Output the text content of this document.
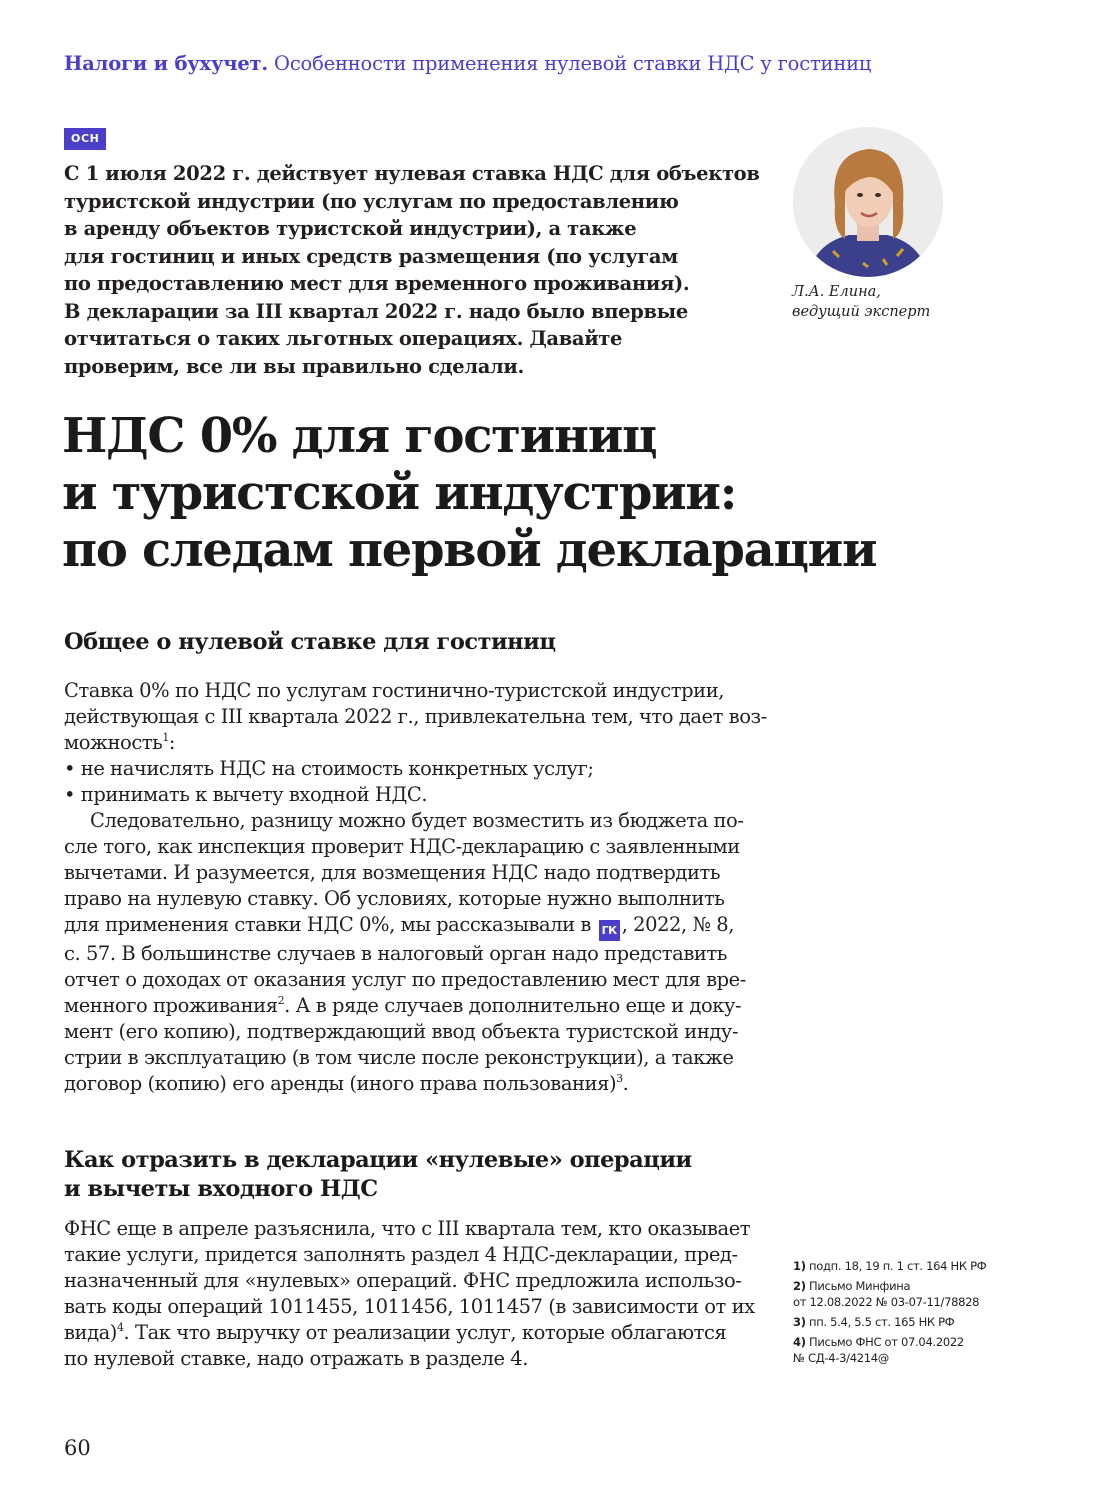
Налоги и бухучет. Особенности применения нулевой ставки НДС у гостиниц
ОСН
С 1 июля 2022 г. действует нулевая ставка НДС для объектов
туристской индустрии (по услугам по предоставлению
в аренду объектов туристской индустрии), а также
для гостиниц и иных средств размещения (по услугам
по предоставлению мест для временного проживания).
В декларации за III квартал 2022 г. надо было впервые
отчитаться о таких льготных операциях. Давайте
проверим, все ли вы правильно сделали.
Л.А. Елина,
ведущий эксперт
НДС 0% для гостиниц
и туристской индустрии:
по следам первой декларации
Общее о нулевой ставке для гостиниц
Ставка 0% по НДС по услугам гостинично-туристской индустрии,
действующая с III квартала 2022 г., привлекательна тем, что дает воз-
можность$^1$:
• не начислять НДС на стоимость конкретных услуг;
• принимать к вычету входной НДС.
Следовательно, разницу можно будет возместить из бюджета по-
сле того, как инспекция проверит НДС-декларацию с заявленными
вычетами. И разумеется, для возмещения НДС надо подтвердить
право на нулевую ставку. Об условиях, которые нужно выполнить
для применения ставки НДС 0%, мы рассказывали в ГК , 2022, № 8,
с. 57. В большинстве случаев в налоговый орган надо представить
отчет о доходах от оказания услуг по предоставлению мест для вре-
менного проживания$^2$. А в ряде случаев дополнительно еще и доку-
мент (его копию), подтверждающий ввод объекта туристской инду-
стрии в эксплуатацию (в том числе после реконструкции), а также
договор (копию) его аренды (иного права пользования)$^3$.
Как отразить в декларации «нулевые» операции
и вычеты входного НДС
ФНС еще в апреле разъяснила, что с III квартала тем, кто оказывает
такие услуги, придется заполнять раздел 4 НДС-декларации, пред-
назначенный для «нулевых» операций. ФНС предложила использо-
вать коды операций 1011455, 1011456, 1011457 (в зависимости от их
вида)$^4$. Так что выручку от реализации услуг, которые облагаются
по нулевой ставке, надо отражать в разделе 4.
1) подп. 18, 19 п. 1 ст. 164 НК РФ
2) Письмо Минфина
от 12.08.2022 № 03-07-11/78828
3) пп. 5.4, 5.5 ст. 165 НК РФ
4) Письмо ФНС от 07.04.2022
№ СД-4-3/4214@
60
